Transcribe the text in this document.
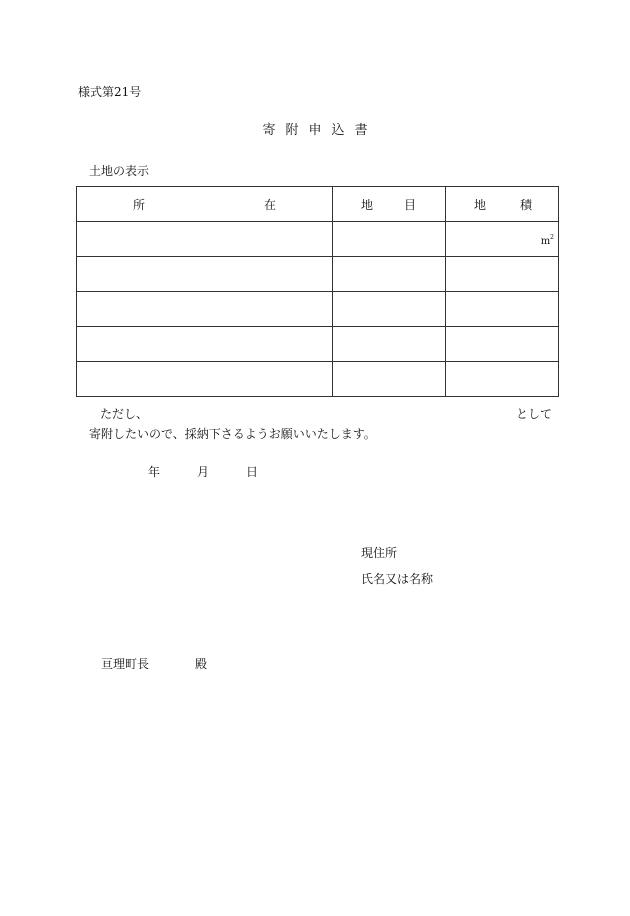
様式第21号
寄 附 申 込 書
土地の表示
所 在	地 目	地 積

		$m^2$

ただし、	として
寄附したいので、採納下さるようお願いいたします。
年	月	日
現住所
氏名又は名称
亘理町長	殿
